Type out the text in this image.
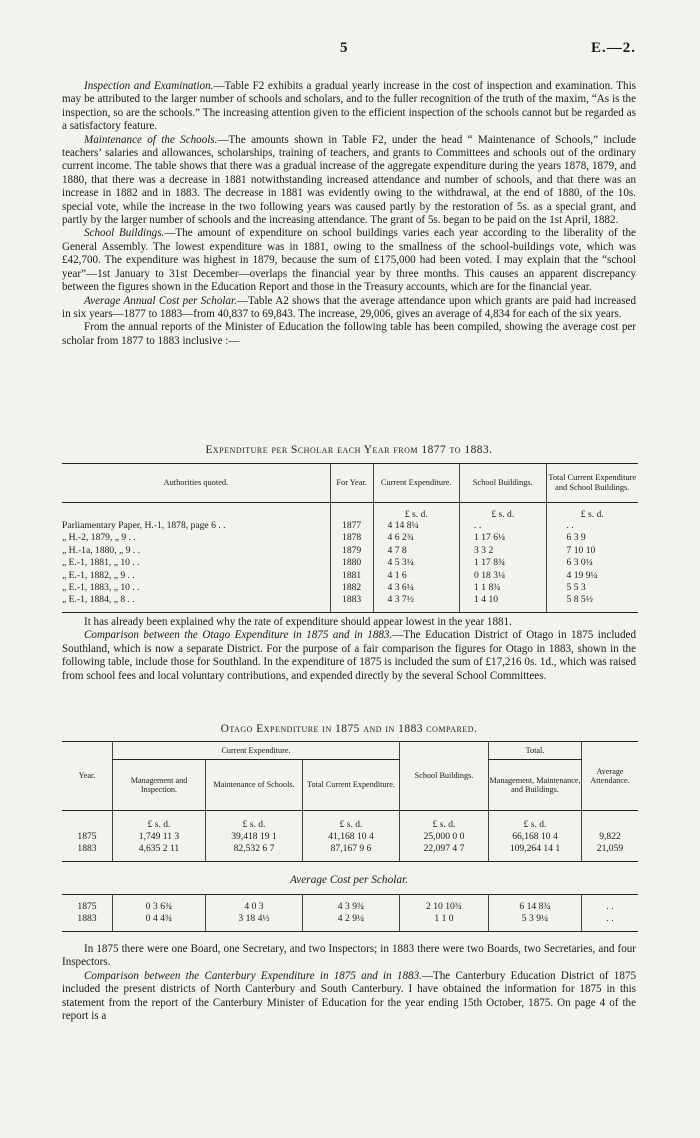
5	E.—2.

Inspection and Examination.—Table F2 exhibits a gradual yearly increase in the cost of inspection and examination. This may be attributed to the larger number of schools and scholars, and to the fuller recognition of the truth of the maxim, “As is the inspection, so are the schools.” The increasing attention given to the efficient inspection of the schools cannot but be regarded as a satisfactory feature.

Maintenance of the Schools.—The amounts shown in Table F2, under the head “ Maintenance of Schools,” include teachers’ salaries and allowances, scholarships, training of teachers, and grants to Committees and schools out of the ordinary current income. The table shows that there was a gradual increase of the aggregate expenditure during the years 1878, 1879, and 1880, that there was a decrease in 1881 notwithstanding increased attendance and number of schools, and that there was an increase in 1882 and in 1883. The decrease in 1881 was evidently owing to the withdrawal, at the end of 1880, of the 10s. special vote, while the increase in the two following years was caused partly by the restoration of 5s. as a special grant, and partly by the larger number of schools and the increasing attendance. The grant of 5s. began to be paid on the 1st April, 1882.

School Buildings.—The amount of expenditure on school buildings varies each year according to the liberality of the General Assembly. The lowest expenditure was in 1881, owing to the smallness of the school-buildings vote, which was £42,700. The expenditure was highest in 1879, because the sum of £175,000 had been voted. I may explain that the “school year”—1st January to 31st December—overlaps the financial year by three months. This causes an apparent discrepancy between the figures shown in the Education Report and those in the Treasury accounts, which are for the financial year.

Average Annual Cost per Scholar.—Table A2 shows that the average attendance upon which grants are paid had increased in six years—1877 to 1883—from 40,837 to 69,843. The increase, 29,006, gives an average of 4,834 for each of the six years.

From the annual reports of the Minister of Education the following table has been compiled, showing the average cost per scholar from 1877 to 1883 inclusive :—

Expenditure per Scholar each Year from 1877 to 1883.
Authorities quoted.	For Year.	Current Expenditure.	School Buildings.	Total Current Expenditure and School Buildings.
		£ s. d.	£ s. d.	£ s. d.
Parliamentary Paper, H.-1, 1878, page 6 . .	1877	4 14 8¼	. .	. .
„ H.-2, 1879, „ 9 . .	1878	4 6 2¾	1 17 6¼	6 3 9
„ H.-1a, 1880, „ 9 . .	1879	4 7 8	3 3 2	7 10 10
„ E.-1, 1881, „ 10 . .	1880	4 5 3¼	1 17 8¾	6 3 0¼
„ E.-1, 1882, „ 9 . .	1881	4 1 6	0 18 3¼	4 19 9¼
„ E.-1, 1883, „ 10 . .	1882	4 3 6¼	1 1 8¾	5 5 3
„ E.-1, 1884, „ 8 . .	1883	4 3 7½	1 4 10	5 8 5½

It has already been explained why the rate of expenditure should appear lowest in the year 1881.

Comparison between the Otago Expenditure in 1875 and in 1883.—The Education District of Otago in 1875 included Southland, which is now a separate District. For the purpose of a fair comparison the figures for Otago in 1883, shown in the following table, include those for Southland. In the expenditure of 1875 is included the sum of £17,216 0s. 1d., which was raised from school fees and local voluntary contributions, and expended directly by the several School Committees.

Otago Expenditure in 1875 and in 1883 compared.
Year.	Current Expenditure.			School Buildings.	Total.	Average Attendance.
	Management and Inspection.	Maintenance of Schools.	Total Current Expenditure.		Management, Maintenance, and Buildings.	
	£ s. d.	£ s. d.	£ s. d.	£ s. d.	£ s. d.	
1875	1,749 11 3	39,418 19 1	41,168 10 4	25,000 0 0	66,168 10 4	9,822
1883	4,635 2 11	82,532 6 7	87,167 9 6	22,097 4 7	109,264 14 1	21,059

Average Cost per Scholar.

1875	0 3 6¾	4 0 3	4 3 9¾	2 10 10¾	6 14 8¾	. .
1883	0 4 4¾	3 18 4½	4 2 9¼	1 1 0	5 3 9¼	. .

In 1875 there were one Board, one Secretary, and two Inspectors; in 1883 there were two Boards, two Secretaries, and four Inspectors.

Comparison between the Canterbury Expenditure in 1875 and in 1883.—The Canterbury Education District of 1875 included the present districts of North Canterbury and South Canterbury. I have obtained the information for 1875 in this statement from the report of the Canterbury Minister of Education for the year ending 15th October, 1875. On page 4 of the report is a
